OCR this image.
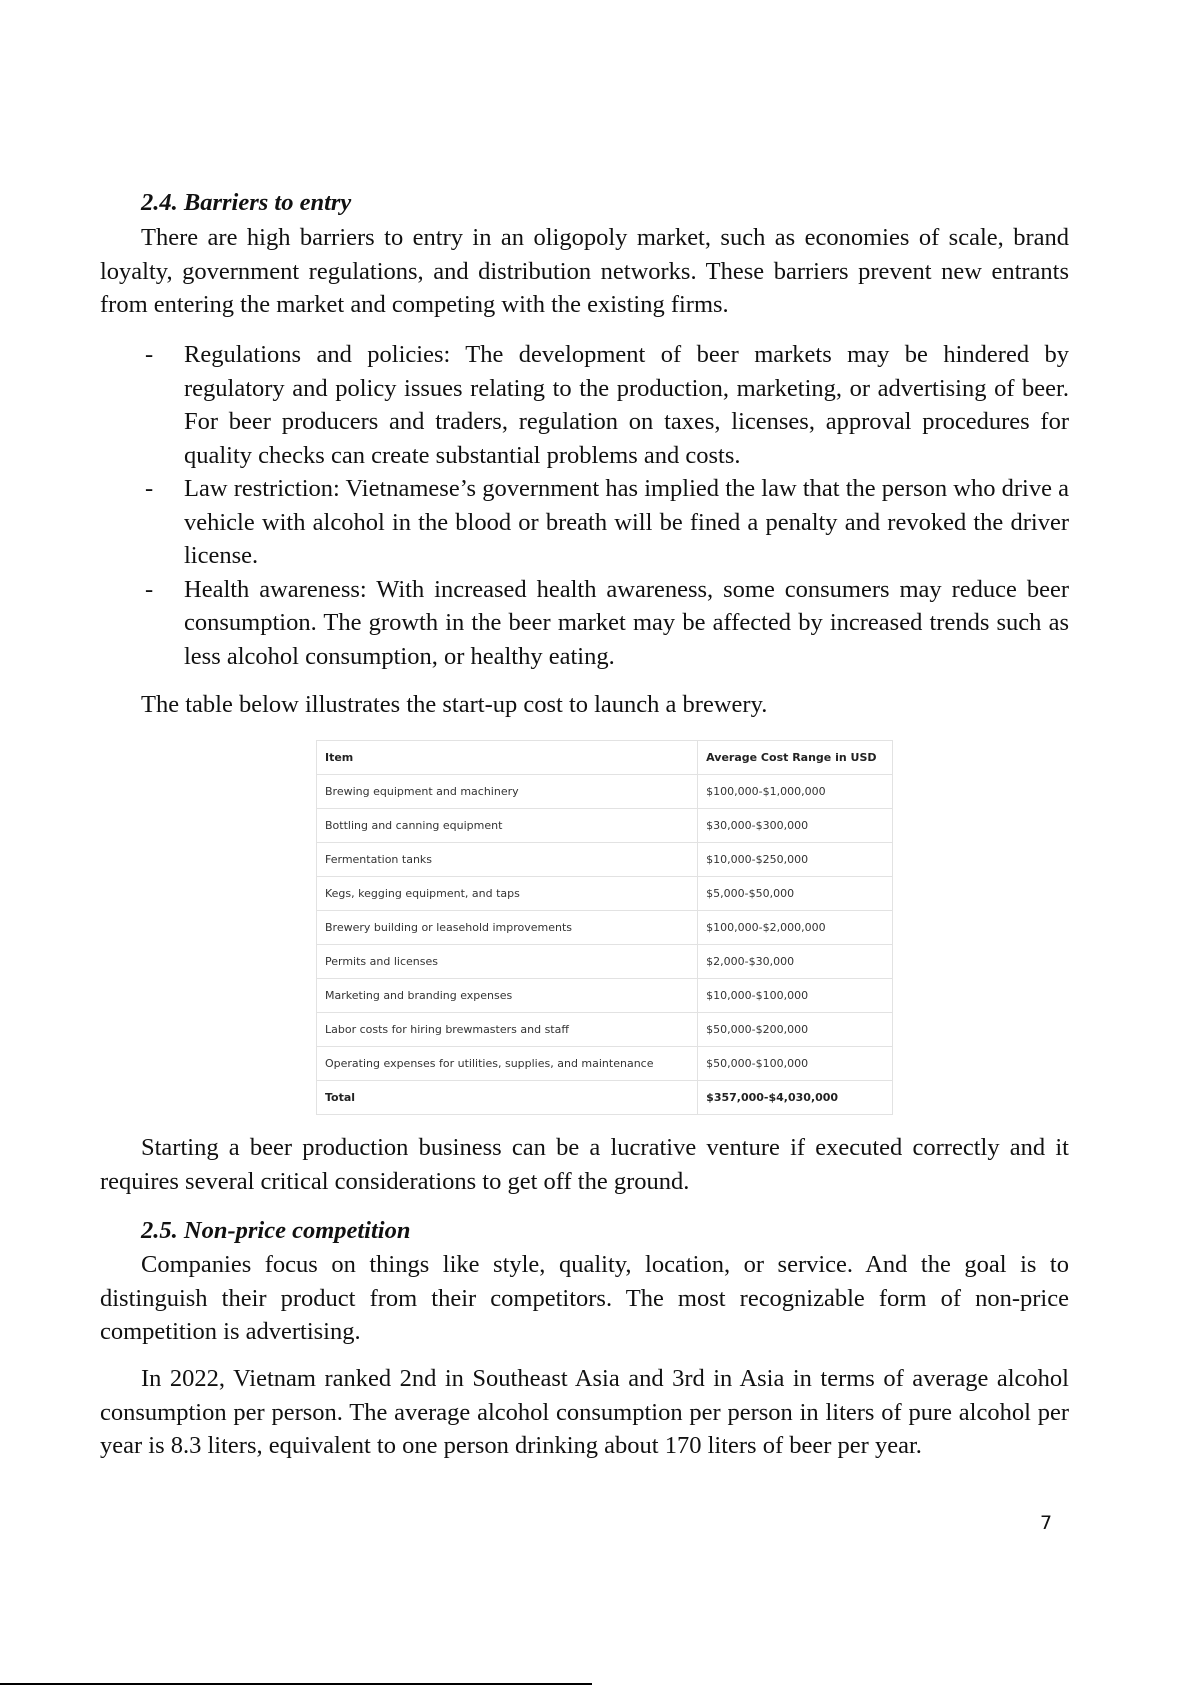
2.4. Barriers to entry
There are high barriers to entry in an oligopoly market, such as economies of scale, brand loyalty, government regulations, and distribution networks. These barriers prevent new entrants from entering the market and competing with the existing firms.
- Regulations and policies: The development of beer markets may be hindered by regulatory and policy issues relating to the production, marketing, or advertising of beer. For beer producers and traders, regulation on taxes, licenses, approval procedures for quality checks can create substantial problems and costs.
- Law restriction: Vietnamese’s government has implied the law that the person who drive a vehicle with alcohol in the blood or breath will be fined a penalty and revoked the driver license.
- Health awareness: With increased health awareness, some consumers may reduce beer consumption. The growth in the beer market may be affected by increased trends such as less alcohol consumption, or healthy eating.
The table below illustrates the start-up cost to launch a brewery.
Item	Average Cost Range in USD
Brewing equipment and machinery	$100,000-$1,000,000
Bottling and canning equipment	$30,000-$300,000
Fermentation tanks	$10,000-$250,000
Kegs, kegging equipment, and taps	$5,000-$50,000
Brewery building or leasehold improvements	$100,000-$2,000,000
Permits and licenses	$2,000-$30,000
Marketing and branding expenses	$10,000-$100,000
Labor costs for hiring brewmasters and staff	$50,000-$200,000
Operating expenses for utilities, supplies, and maintenance	$50,000-$100,000
Total	$357,000-$4,030,000
Starting a beer production business can be a lucrative venture if executed correctly and it requires several critical considerations to get off the ground.
2.5. Non-price competition
Companies focus on things like style, quality, location, or service. And the goal is to distinguish their product from their competitors. The most recognizable form of non-price competition is advertising.
In 2022, Vietnam ranked 2nd in Southeast Asia and 3rd in Asia in terms of average alcohol consumption per person. The average alcohol consumption per person in liters of pure alcohol per year is 8.3 liters, equivalent to one person drinking about 170 liters of beer per year.
7
